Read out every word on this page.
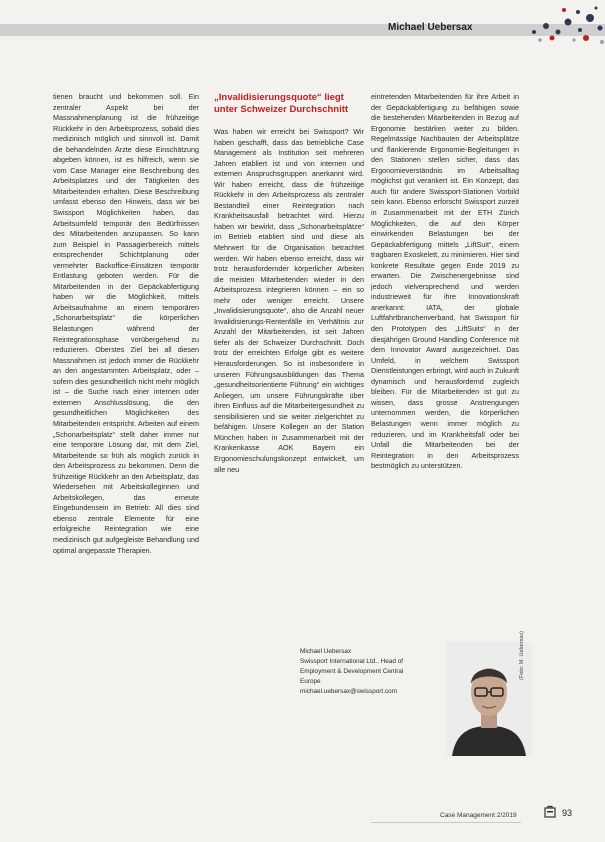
Michael Uebersax

tienen braucht und bekommen soll. Ein zentraler Aspekt bei der Massnahmenplanung ist die frühzeitige Rückkehr in den Arbeitsprozess, sobald dies medizinisch möglich und sinnvoll ist. Damit die behandelnden Ärzte diese Einschätzung abgeben können, ist es hilfreich, wenn sie vom Case Manager eine Beschreibung des Arbeitsplatzes und der Tätigkeiten des Mitarbeitenden erhalten. Diese Beschreibung umfasst ebenso den Hinweis, dass wir bei Swissport Möglichkeiten haben, das Arbeitsumfeld temporär den Bedürfnissen des Mitarbeitenden anzupassen. So kann zum Beispiel in Passagierbereich mittels entsprechender Schichtplanung oder vermehrter Backoffice-Einsätzen temporär Entlastung geboten werden. Für die Mitarbeitenden in der Gepäckabfertigung haben wir die Möglichkeit, mittels Arbeitsaufnahme an einem temporären „Schonarbeitsplatz“ die körperlichen Belastungen während der Reintegrationsphase vorübergehend zu reduzieren. Oberstes Ziel bei all diesen Massnahmen ist jedoch immer die Rückkehr an den angestammten Arbeitsplatz, oder – sofern dies gesundheitlich nicht mehr möglich ist – die Suche nach einer internen oder externen Anschlusslösung, die den gesundheitlichen Möglichkeiten des Mitarbeitenden entspricht. Arbeiten auf einem „Schonarbeitsplatz“ stellt daher immer nur eine temporäre Lösung dar, mit dem Ziel, Mitarbeitende so früh als möglich zurück in den Arbeitsprozess zu bekommen. Denn die frühzeitige Rückkehr an den Arbeitsplatz, das Wiedersehen mit Arbeitskolleginnen und Arbeitskollegen, das erneute Eingebundensein im Betrieb: All dies sind ebenso zentrale Elemente für eine erfolgreiche Reintegration wie eine medizinisch gut aufgegleiste Behandlung und optimal angepasste Therapien.

„Invalidisierungsquote“ liegt unter Schweizer Durchschnitt

Was haben wir erreicht bei Swissport? Wir haben geschafft, dass das betriebliche Case Management als Institution seit mehreren Jahren etabliert ist und von internen und externen Anspruchsgruppen anerkannt wird. Wir haben erreicht, dass die frühzeitige Rückkehr in den Arbeitsprozess als zentraler Bestandteil einer Reintegration nach Krankheitsausfall betrachtet wird. Hierzu haben wir bewirkt, dass „Schonarbeitsplätze“ im Betrieb etabliert sind und diese als Mehrwert für die Organisation betrachtet werden. Wir haben ebenso erreicht, dass wir trotz herausfordernder körperlicher Arbeiten die meisten Mitarbeitenden wieder in den Arbeitsprozess integrieren können – ein so mehr oder weniger erreicht. Unsere „Invalidisierungsquote“, also die Anzahl neuer Invalidisierungs-Rentenfälle im Verhältnis zur Anzahl der Mitarbeitenden, ist seit Jahren tiefer als der Schweizer Durchschnitt. Doch trotz der erreichten Erfolge gibt es weitere Herausforderungen. So ist insbesondere in unseren Führungsausbildungen das Thema „gesundheitsorientierte Führung“ ein wichtiges Anliegen, um unsere Führungskräfte über ihren Einfluss auf die Mitarbeitergesundheit zu sensibilisieren und sie weiter zielgerichtet zu befähigen. Unsere Kollegen an der Station München haben in Zusammenarbeit mit der Krankenkasse AOK Bayern ein Ergonomieschulungskonzept entwickelt, um alle neu

eintretenden Mitarbeitenden für ihre Arbeit in der Gepäckabfertigung zu befähigen sowie die bestehenden Mitarbeitenden in Bezug auf Ergonomie bestärken weiter zu bilden. Regelmässige Nachbauten der Arbeitsplätze und flankierende Ergonomie-Begleitungen in den Stationen stellen sicher, dass das Ergonomieverständnis im Arbeitsalltag möglichst gut verankert ist. Ein Konzept, das auch für andere Swissport-Stationen Vorbild sein kann. Ebenso erforscht Swissport zurzeit in Zusammenarbeit mit der ETH Zürich Möglichkeiten, die auf den Körper einwirkenden Belastungen bei der Gepäckabfertigung mittels „LiftSuit“, einem tragbaren Exoskelett, zu minimieren. Hier sind konkrete Resultate gegen Ende 2019 zu erwarten. Die Zwischenergebnisse sind jedoch vielversprechend und werden industrieweit für ihre Innovationskraft anerkannt: IATA, der globale Luftfahrtbranchenverband, hat Swissport für den Prototypen des „LiftSuits“ in der diesjährigen Ground Handling Conference mit dem Innovator Award ausgezeichnet. Das Umfeld, in welchem Swissport Dienstleistungen erbringt, wird auch in Zukunft dynamisch und herausfordernd zugleich bleiben. Für die Mitarbeitenden ist gut zu wissen, dass grosse Anstrengungen unternommen werden, die körperlichen Belastungen wenn immer möglich zu reduzieren, und im Krankheitsfall oder bei Unfall die Mitarbeitenden bei der Reintegration in den Arbeitsprozess bestmöglich zu unterstützen.

Michael Uebersax
Swissport International Ltd., Head of
Employment & Development Central
Europe
michael.uebersax@swissport.com
(Foto: M. Uebersax)
Case Management 2/2019	93
